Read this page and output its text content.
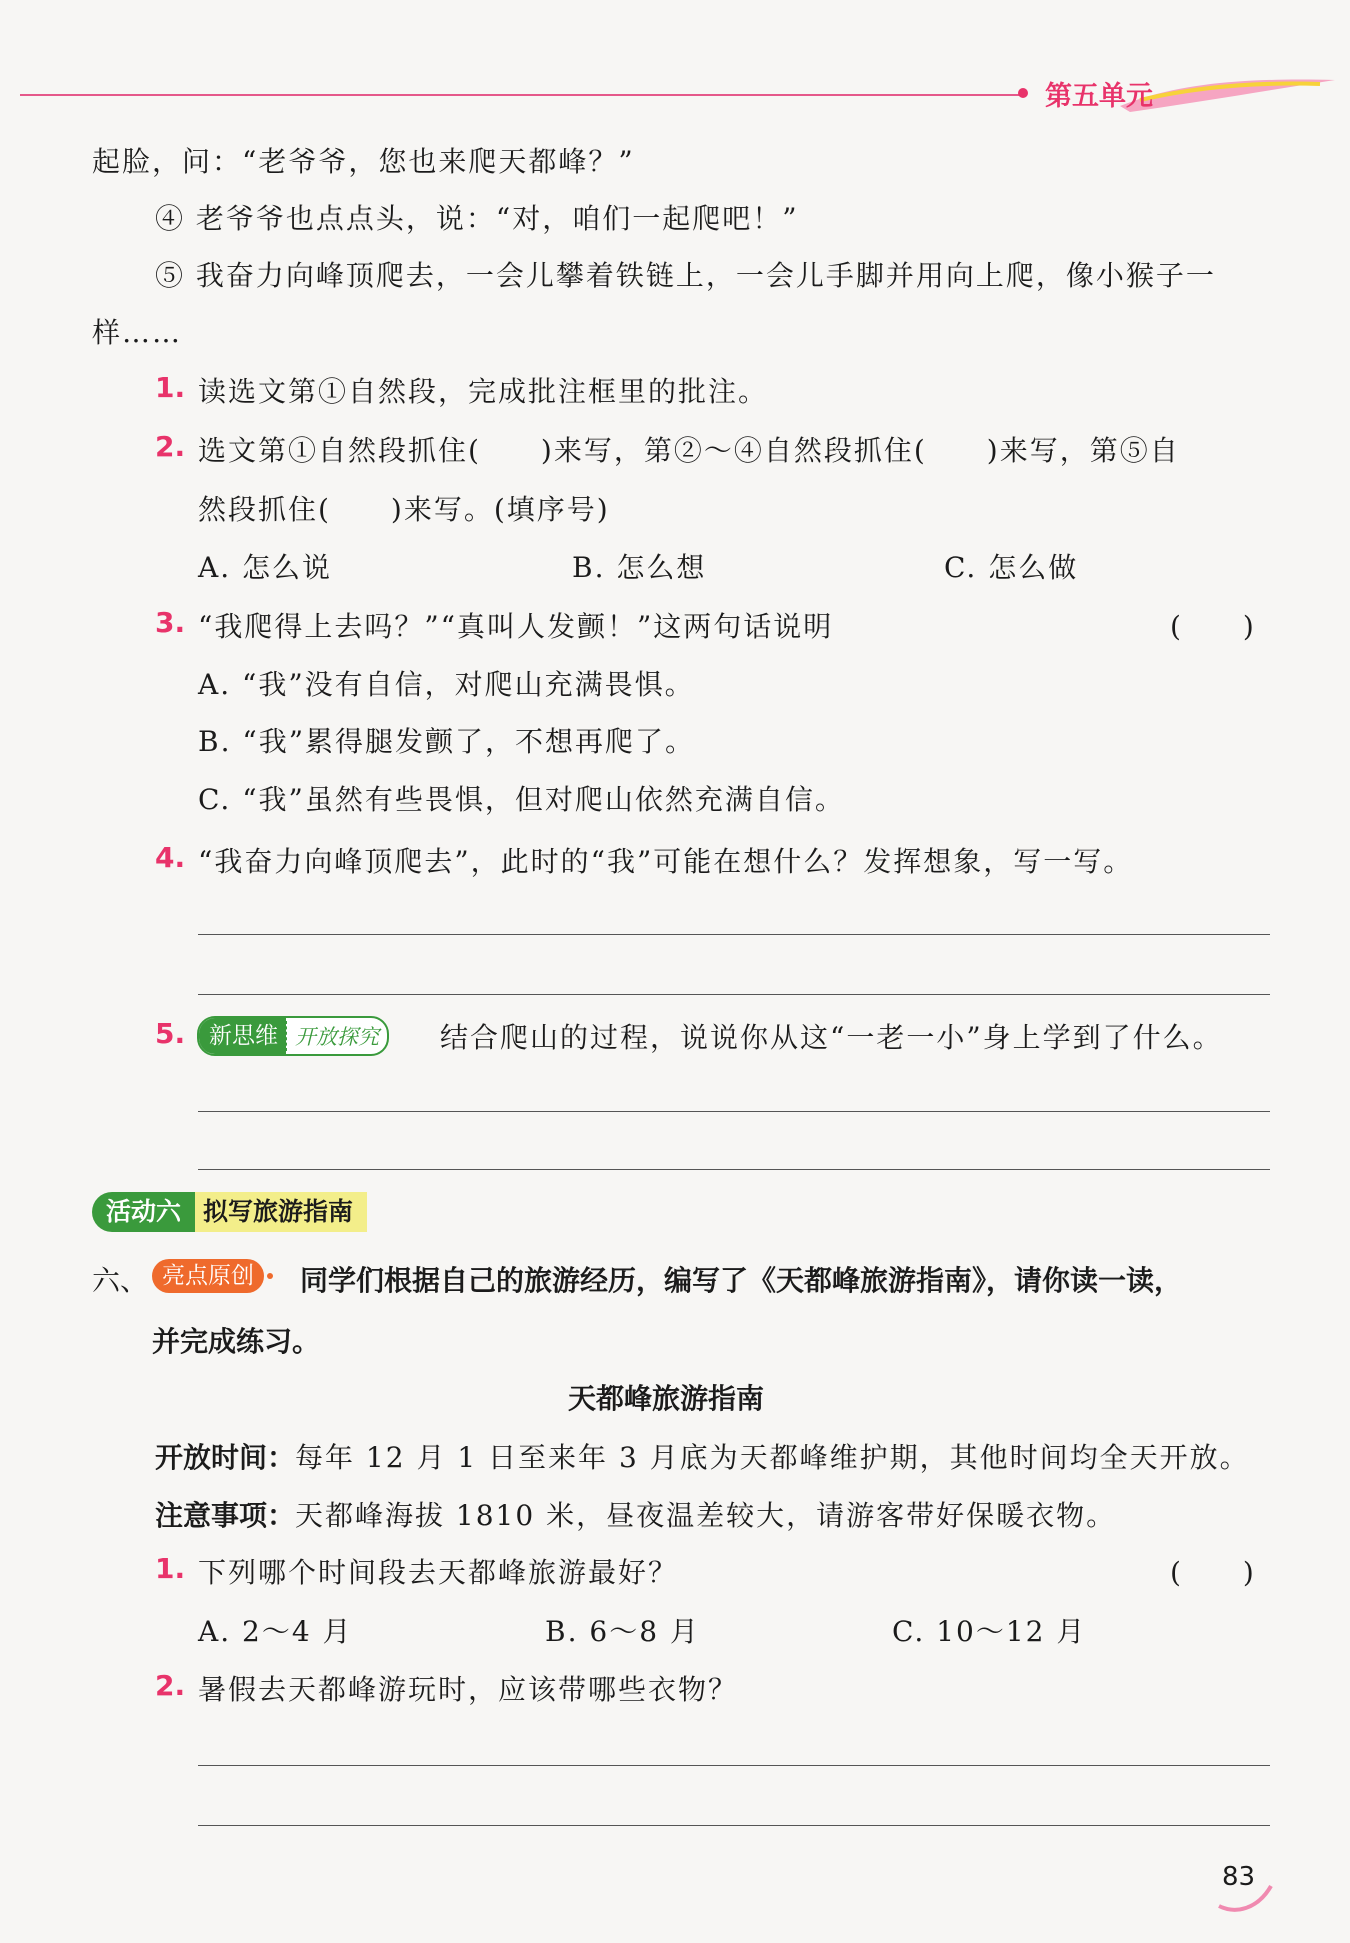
第五单元
起脸，问：“老爷爷，您也来爬天都峰？”
④ 老爷爷也点点头，说：“对，咱们一起爬吧！”
⑤ 我奋力向峰顶爬去，一会儿攀着铁链上，一会儿手脚并用向上爬，像小猴子一
样……
1. 读选文第①自然段，完成批注框里的批注。
2. 选文第①自然段抓住(　　)来写，第②～④自然段抓住(　　)来写，第⑤自
然段抓住(　　)来写。(填序号)
A. 怎么说	B. 怎么想	C. 怎么做
3. “我爬得上去吗？”“真叫人发颤！”这两句话说明	(　　)
A. “我”没有自信，对爬山充满畏惧。
B. “我”累得腿发颤了，不想再爬了。
C. “我”虽然有些畏惧，但对爬山依然充满自信。
4. “我奋力向峰顶爬去”，此时的“我”可能在想什么？发挥想象，写一写。
5.	新思维 开放探究 结合爬山的过程，说说你从这“一老一小”身上学到了什么。
活动六 拟写旅游指南
六、 亮点原创	同学们根据自己的旅游经历，编写了《天都峰旅游指南》，请你读一读，
并完成练习。
天都峰旅游指南
开放时间：每年 12 月 1 日至来年 3 月底为天都峰维护期，其他时间均全天开放。
注意事项：天都峰海拔 1810 米，昼夜温差较大，请游客带好保暖衣物。
1. 下列哪个时间段去天都峰旅游最好？	(　　)
A. 2～4 月	B. 6～8 月	C. 10～12 月
2. 暑假去天都峰游玩时，应该带哪些衣物？
83
